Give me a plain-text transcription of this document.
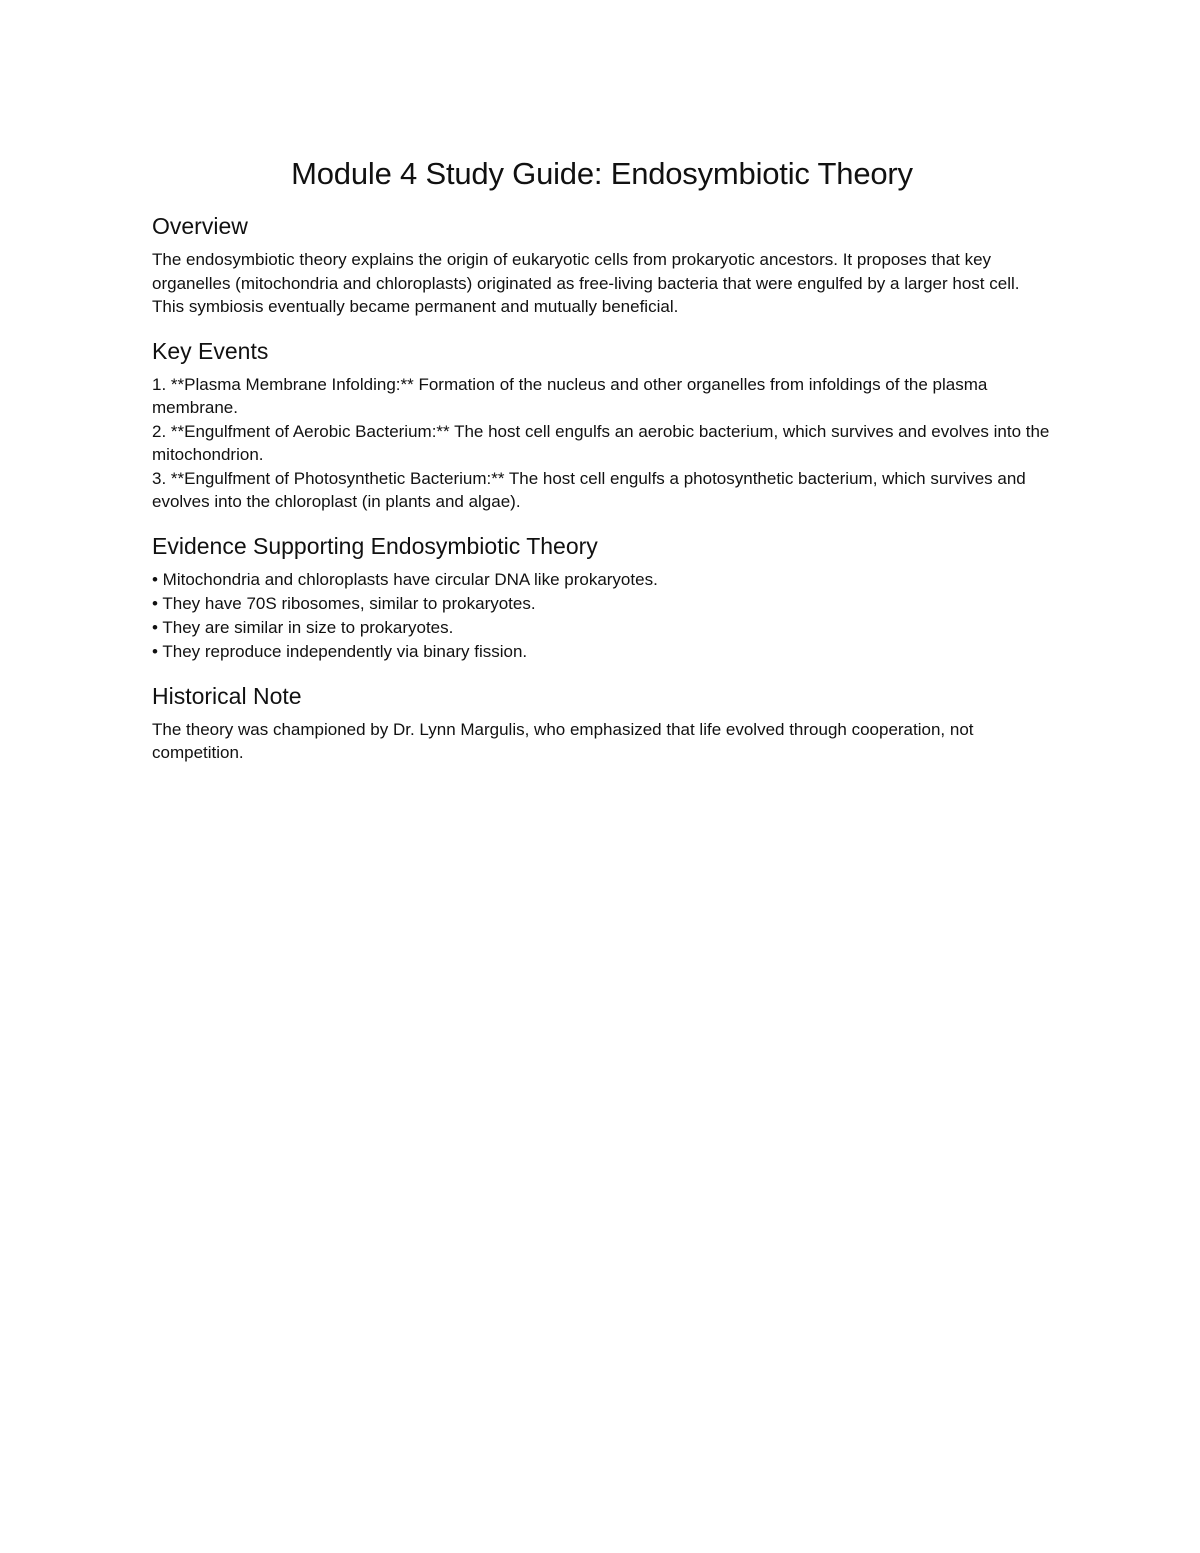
Module 4 Study Guide: Endosymbiotic Theory
Overview

The endosymbiotic theory explains the origin of eukaryotic cells from prokaryotic ancestors. It proposes that key organelles (mitochondria and chloroplasts) originated as free-living bacteria that were engulfed by a larger host cell. This symbiosis eventually became permanent and mutually beneficial.

Key Events
1. **Plasma Membrane Infolding:** Formation of the nucleus and other organelles from infoldings of the plasma membrane.
2. **Engulfment of Aerobic Bacterium:** The host cell engulfs an aerobic bacterium, which survives and evolves into the mitochondrion.
3. **Engulfment of Photosynthetic Bacterium:** The host cell engulfs a photosynthetic bacterium, which survives and evolves into the chloroplast (in plants and algae).
Evidence Supporting Endosymbiotic Theory
• Mitochondria and chloroplasts have circular DNA like prokaryotes.
• They have 70S ribosomes, similar to prokaryotes.
• They are similar in size to prokaryotes.
• They reproduce independently via binary fission.
Historical Note

The theory was championed by Dr. Lynn Margulis, who emphasized that life evolved through cooperation, not competition.
